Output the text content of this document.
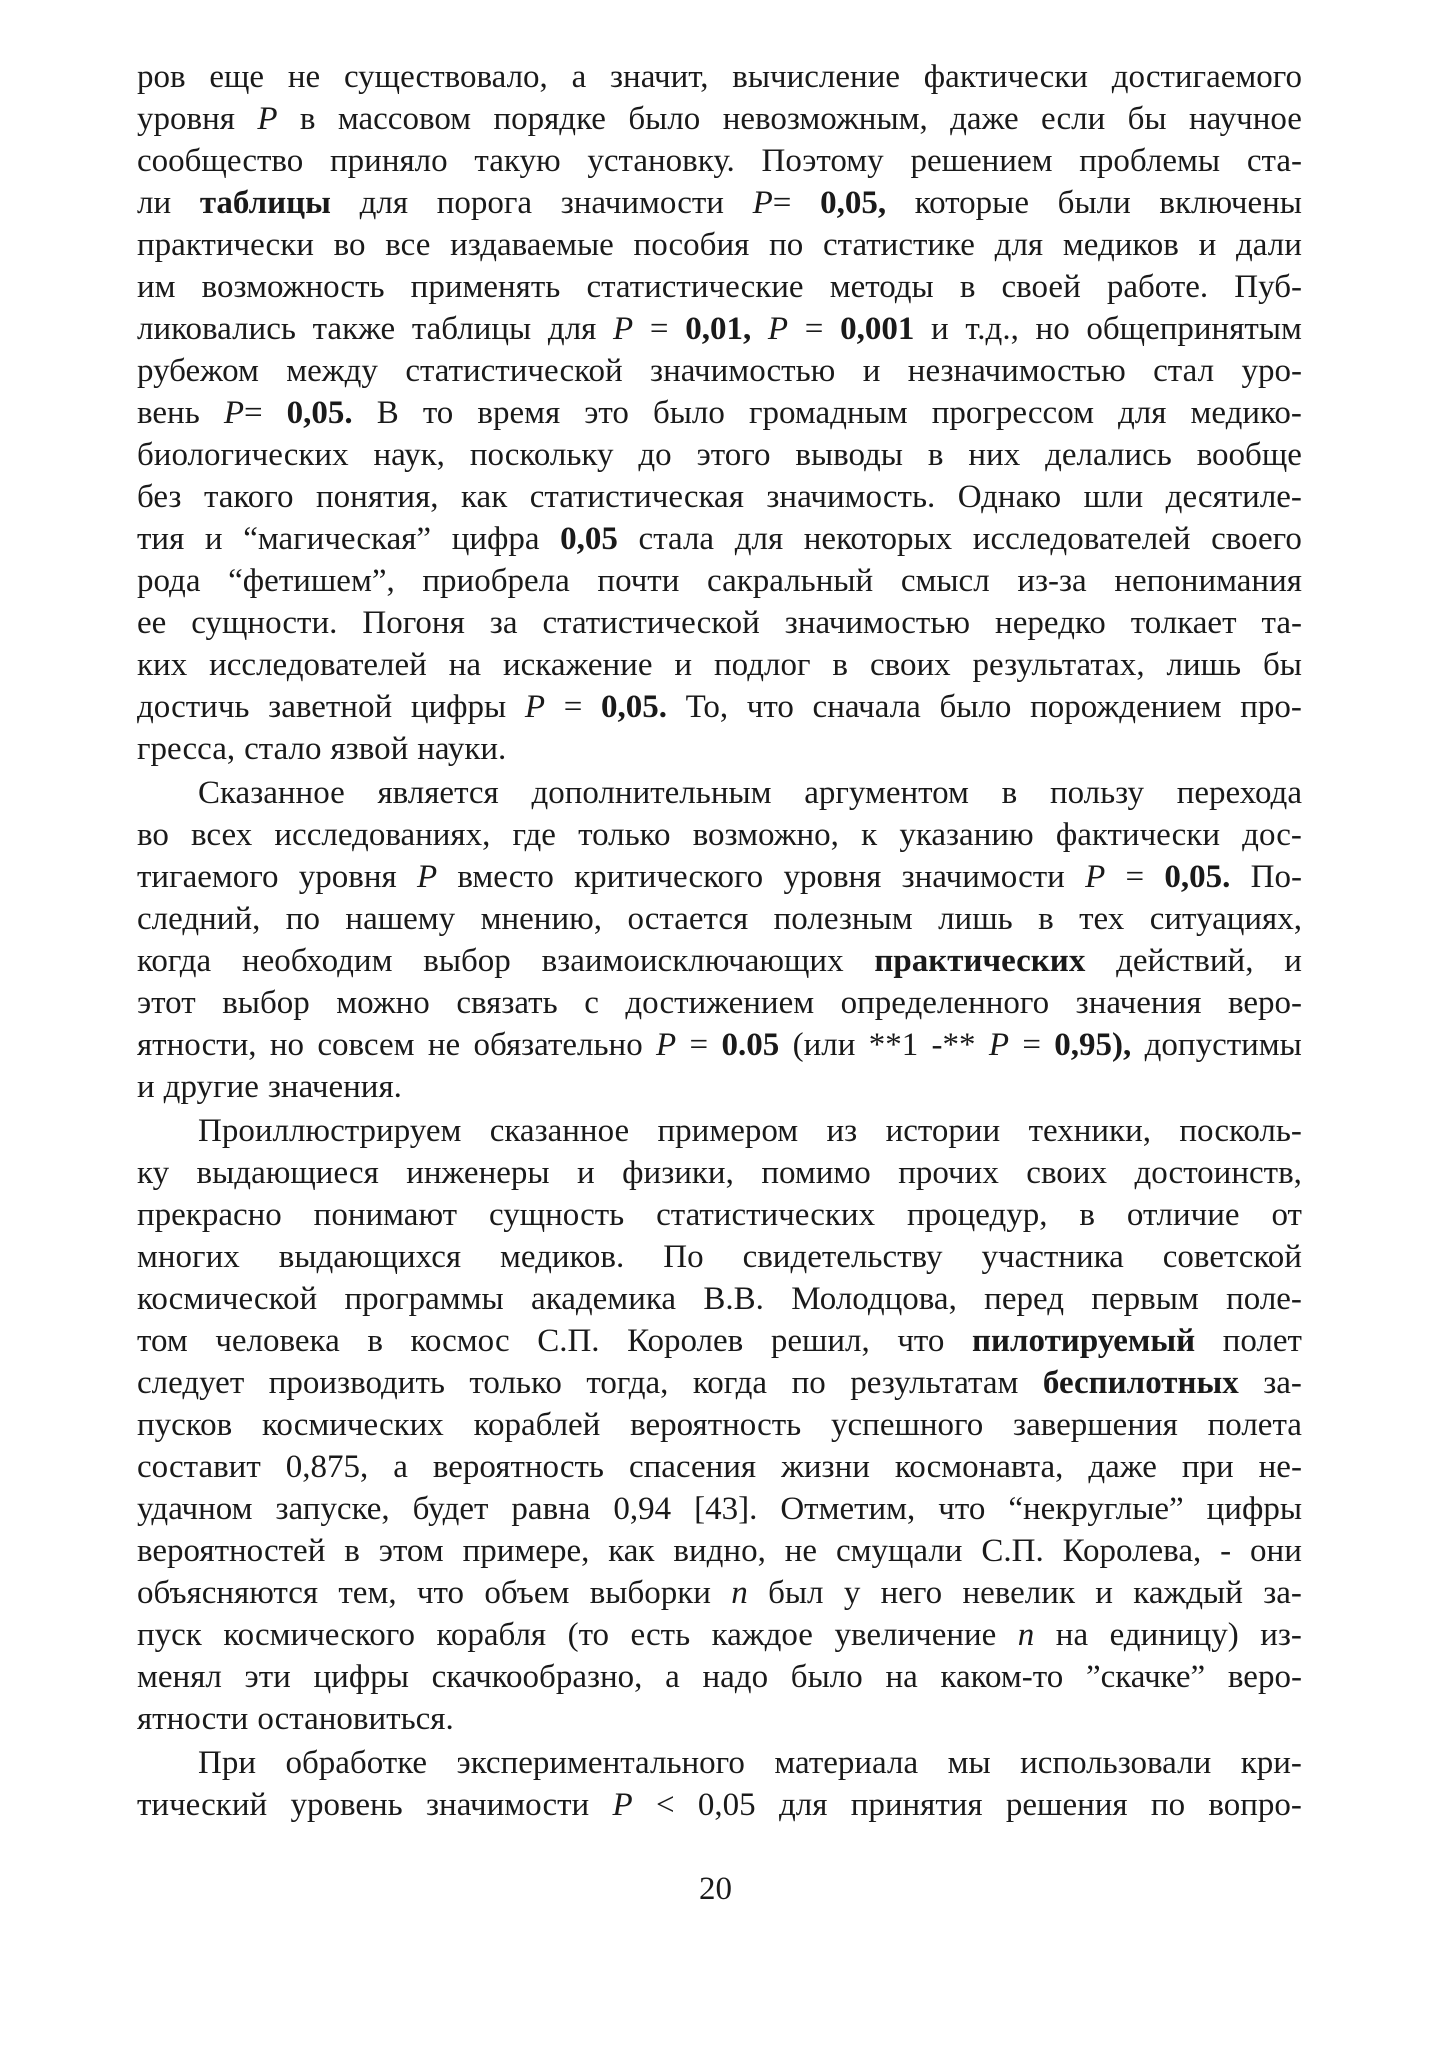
ров еще не существовало, а значит, вычисление фактически достигаемого
уровня P в массовом порядке было невозможным, даже если бы научное
сообщество приняло такую установку. Поэтому решением проблемы ста-
ли таблицы для порога значимости Р= 0,05, которые были включены
практически во все издаваемые пособия по статистике для медиков и дали
им возможность применять статистические методы в своей работе. Пуб-
ликовались также таблицы для P = 0,01, P = 0,001 и т.д., но общепринятым
рубежом между статистической значимостью и незначимостью стал уро-
вень Р= 0,05. В то время это было громадным прогрессом для медико-
биологических наук, поскольку до этого выводы в них делались вообще
без такого понятия, как статистическая значимость. Однако шли десятиле-
тия и “магическая” цифра 0,05 стала для некоторых исследователей своего
рода “фетишем”, приобрела почти сакральный смысл из-за непонимания
ее сущности. Погоня за статистической значимостью нередко толкает та-
ких исследователей на искажение и подлог в своих результатах, лишь бы
достичь заветной цифры P = 0,05. То, что сначала было порождением про-
гресса, стало язвой науки.
Сказанное является дополнительным аргументом в пользу перехода
во всех исследованиях, где только возможно, к указанию фактически дос-
тигаемого уровня P вместо критического уровня значимости P = 0,05. По-
следний, по нашему мнению, остается полезным лишь в тех ситуациях,
когда необходим выбор взаимоисключающих практических действий, и
этот выбор можно связать с достижением определенного значения веро-
ятности, но совсем не обязательно P = 0.05 (или **1 -** P = 0,95), допустимы
и другие значения.
Проиллюстрируем сказанное примером из истории техники, посколь-
ку выдающиеся инженеры и физики, помимо прочих своих достоинств,
прекрасно понимают сущность статистических процедур, в отличие от
многих выдающихся медиков. По свидетельству участника советской
космической программы академика В.В. Молодцова, перед первым поле-
том человека в космос С.П. Королев решил, что пилотируемый полет
следует производить только тогда, когда по результатам беспилотных за-
пусков космических кораблей вероятность успешного завершения полета
составит 0,875, а вероятность спасения жизни космонавта, даже при не-
удачном запуске, будет равна 0,94 [43]. Отметим, что “некруглые” цифры
вероятностей в этом примере, как видно, не смущали С.П. Королева, - они
объясняются тем, что объем выборки n был у него невелик и каждый за-
пуск космического корабля (то есть каждое увеличение n на единицу) из-
менял эти цифры скачкообразно, а надо было на каком-то ”скачке” веро-
ятности остановиться.
При обработке экспериментального материала мы использовали кри-
тический уровень значимости P < 0,05 для принятия решения по вопро-
20
